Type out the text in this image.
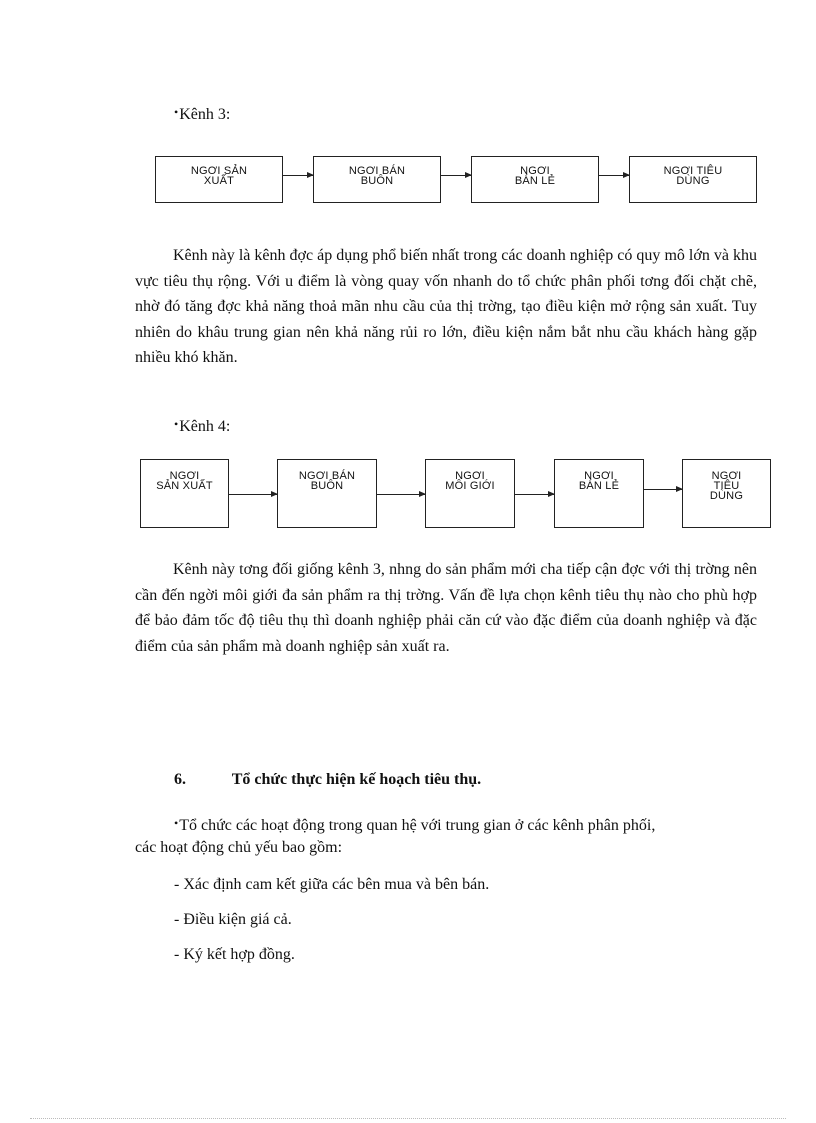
•Kênh 3:
NGƠI SẢN
XUẤT
NGƠI BÁN
BUÔN
NGƠI
BÁN LẺ
NGƠI TIÊU
DÙNG
Kênh này là kênh đợc áp dụng phổ biến nhất trong các doanh nghiệp có quy mô lớn và khu vực tiêu thụ rộng. Với u điểm là vòng quay vốn nhanh do tổ chức phân phối tơng đối chặt chẽ, nhờ đó tăng đợc khả năng thoả mãn nhu cầu của thị trờng, tạo điều kiện mở rộng sản xuất. Tuy nhiên do khâu trung gian nên khả năng rủi ro lớn, điều kiện nắm bắt nhu cầu khách hàng gặp nhiều khó khăn.
•Kênh 4:
NGƠI
SẢN XUẤT
NGƠI BÁN
BUÔN
NGƠI
MÔI GIỚI
NGƠI
BÁN LẺ
NGƠI
TIÊU
DÙNG
Kênh này tơng đối giống kênh 3, nhng do sản phẩm mới cha tiếp cận đợc với thị trờng nên cần đến ngời môi giới đa sản phẩm ra thị trờng. Vấn đề lựa chọn kênh tiêu thụ nào cho phù hợp để bảo đảm tốc độ tiêu thụ thì doanh nghiệp phải căn cứ vào đặc điểm của doanh nghiệp và đặc điểm của sản phẩm mà doanh nghiệp sản xuất ra.
6.	Tổ chức thực hiện kế hoạch tiêu thụ.
•Tổ chức các hoạt động trong quan hệ với trung gian ở các kênh phân phối,
các hoạt động chủ yếu bao gồm:
- Xác định cam kết giữa các bên mua và bên bán.
- Điều kiện giá cả.
- Ký kết hợp đồng.
